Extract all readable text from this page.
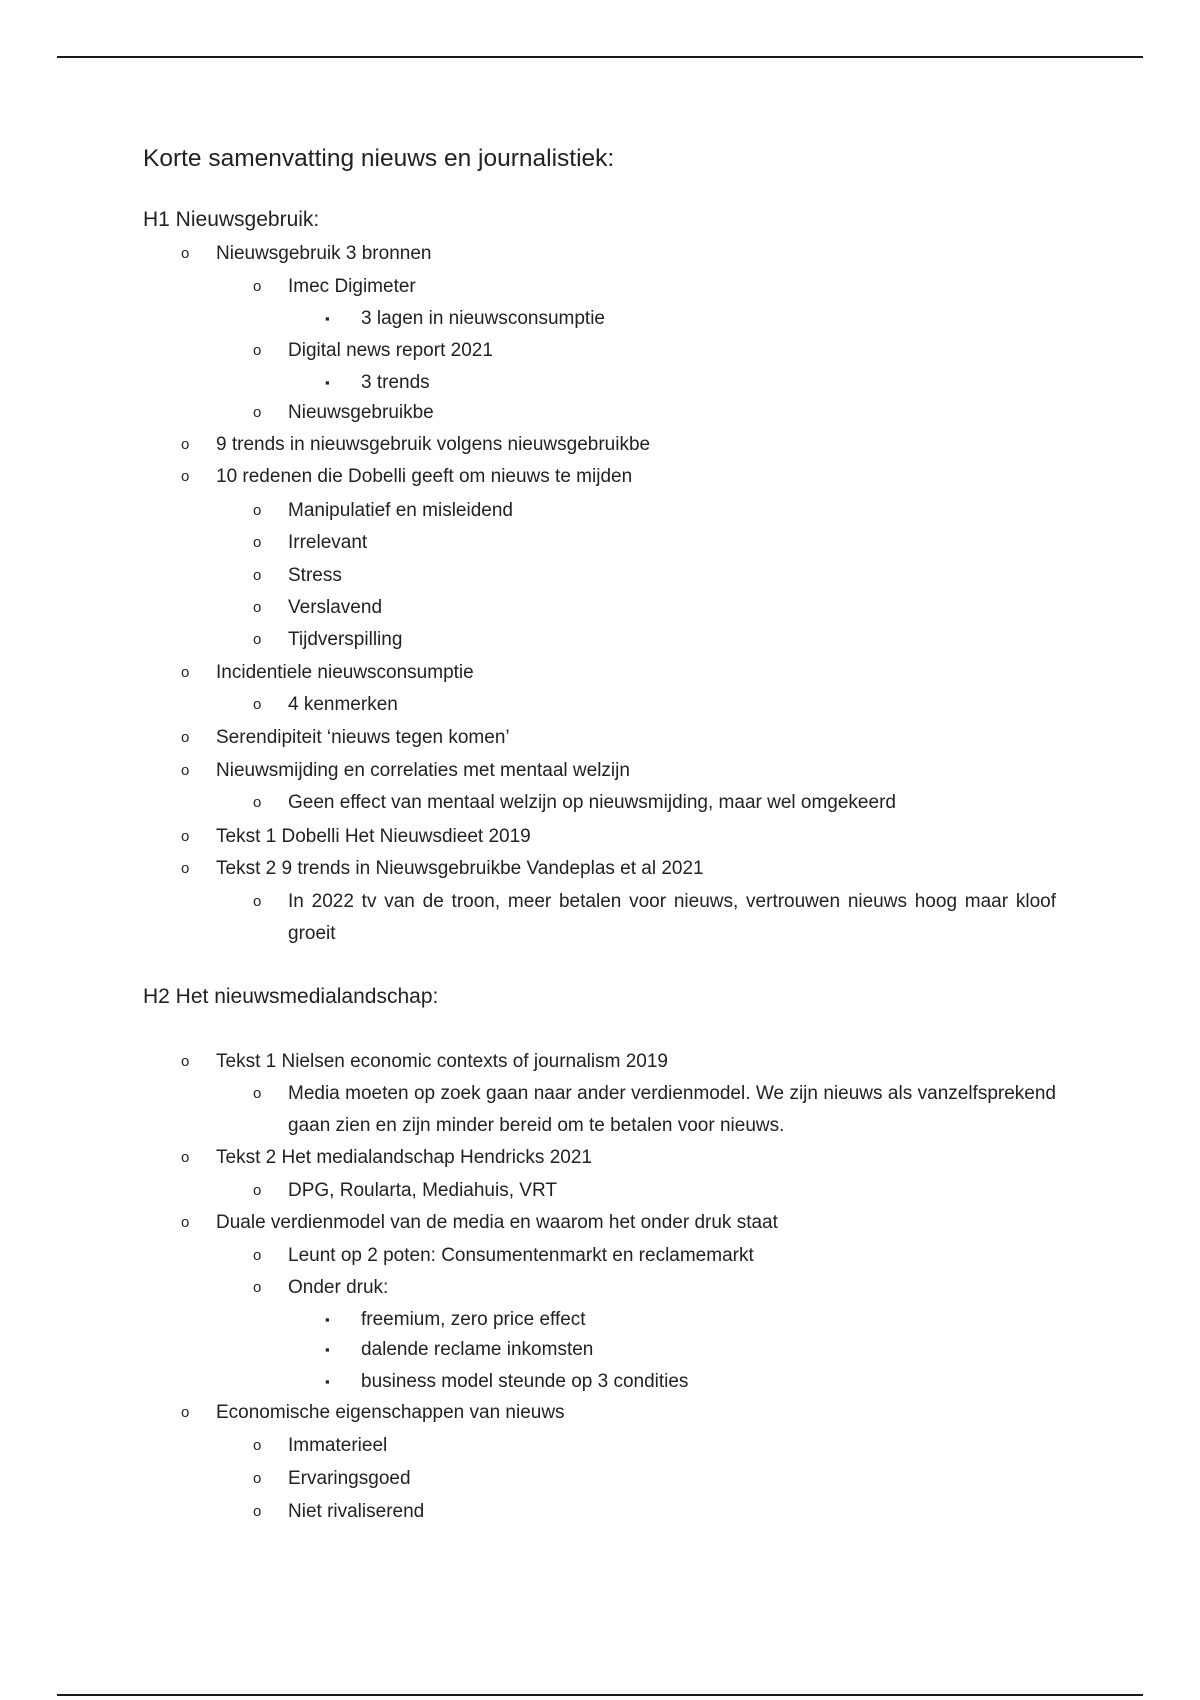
Korte samenvatting nieuws en journalistiek:
H1 Nieuwsgebruik:
o Nieuwsgebruik 3 bronnen
o Imec Digimeter
▪ 3 lagen in nieuwsconsumptie
o Digital news report 2021
▪ 3 trends
o Nieuwsgebruikbe
o 9 trends in nieuwsgebruik volgens nieuwsgebruikbe
o 10 redenen die Dobelli geeft om nieuws te mijden
o Manipulatief en misleidend
o Irrelevant
o Stress
o Verslavend
o Tijdverspilling
o Incidentiele nieuwsconsumptie
o 4 kenmerken
o Serendipiteit ‘nieuws tegen komen’
o Nieuwsmijding en correlaties met mentaal welzijn
o Geen effect van mentaal welzijn op nieuwsmijding, maar wel omgekeerd
o Tekst 1 Dobelli Het Nieuwsdieet 2019
o Tekst 2 9 trends in Nieuwsgebruikbe Vandeplas et al 2021
o In 2022 tv van de troon, meer betalen voor nieuws, vertrouwen nieuws hoog maar kloof groeit
H2 Het nieuwsmedialandschap:
o Tekst 1 Nielsen economic contexts of journalism 2019
o Media moeten op zoek gaan naar ander verdienmodel. We zijn nieuws als vanzelfsprekend gaan zien en zijn minder bereid om te betalen voor nieuws.
o Tekst 2 Het medialandschap Hendricks 2021
o DPG, Roularta, Mediahuis, VRT
o Duale verdienmodel van de media en waarom het onder druk staat
o Leunt op 2 poten: Consumentenmarkt en reclamemarkt
o Onder druk:
▪ freemium, zero price effect
▪ dalende reclame inkomsten
▪ business model steunde op 3 condities
o Economische eigenschappen van nieuws
o Immaterieel
o Ervaringsgoed
o Niet rivaliserend
